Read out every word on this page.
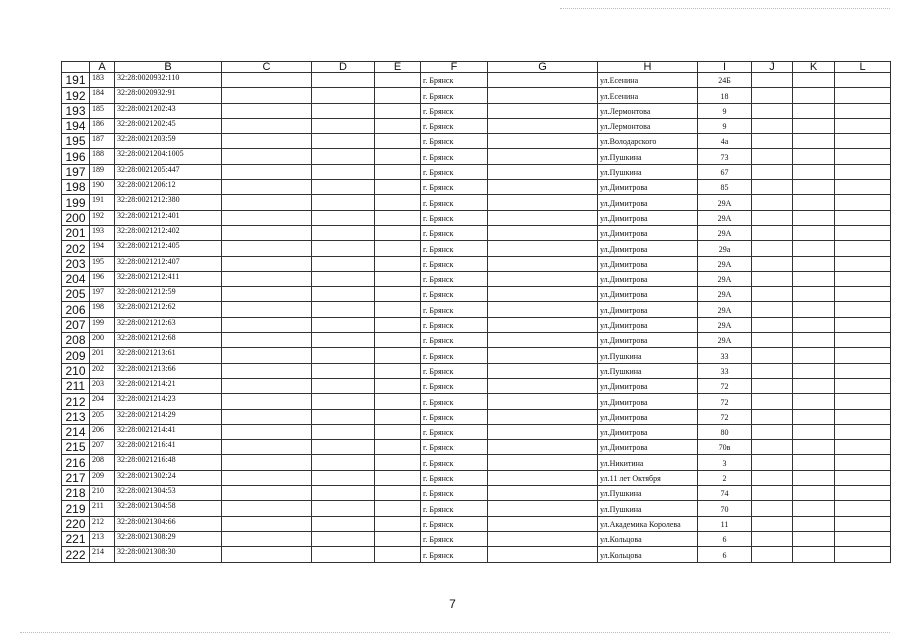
	A	B	C	D	E	F	G	H	I	J	K	L
191	183	32:28:0020932:110				г. Брянск		ул.Есенина	24Б			
192	184	32:28:0020932:91				г. Брянск		ул.Есенина	18			
193	185	32:28:0021202:43				г. Брянск		ул.Лермонтова	9			
194	186	32:28:0021202:45				г. Брянск		ул.Лермонтова	9			
195	187	32:28:0021203:59				г. Брянск		ул.Володарского	4а			
196	188	32:28:0021204:1005				г. Брянск		ул.Пушкина	73			
197	189	32:28:0021205:447				г. Брянск		ул.Пушкина	67			
198	190	32:28:0021206:12				г. Брянск		ул.Димитрова	85			
199	191	32:28:0021212:380				г. Брянск		ул.Димитрова	29А			
200	192	32:28:0021212:401				г. Брянск		ул.Димитрова	29А			
201	193	32:28:0021212:402				г. Брянск		ул.Димитрова	29А			
202	194	32:28:0021212:405				г. Брянск		ул.Димитрова	29а			
203	195	32:28:0021212:407				г. Брянск		ул.Димитрова	29А			
204	196	32:28:0021212:411				г. Брянск		ул.Димитрова	29А			
205	197	32:28:0021212:59				г. Брянск		ул.Димитрова	29А			
206	198	32:28:0021212:62				г. Брянск		ул.Димитрова	29А			
207	199	32:28:0021212:63				г. Брянск		ул.Димитрова	29А			
208	200	32:28:0021212:68				г. Брянск		ул.Димитрова	29А			
209	201	32:28:0021213:61				г. Брянск		ул.Пушкина	33			
210	202	32:28:0021213:66				г. Брянск		ул.Пушкина	33			
211	203	32:28:0021214:21				г. Брянск		ул.Димитрова	72			
212	204	32:28:0021214:23				г. Брянск		ул.Димитрова	72			
213	205	32:28:0021214:29				г. Брянск		ул.Димитрова	72			
214	206	32:28:0021214:41				г. Брянск		ул.Димитрова	80			
215	207	32:28:0021216:41				г. Брянск		ул.Димитрова	70в			
216	208	32:28:0021216:48				г. Брянск		ул.Никитина	3			
217	209	32:28:0021302:24				г. Брянск		ул.11 лет Октября	2			
218	210	32:28:0021304:53				г. Брянск		ул.Пушкина	74			
219	211	32:28:0021304:58				г. Брянск		ул.Пушкина	70			
220	212	32:28:0021304:66				г. Брянск		ул.Академика Королева	11			
221	213	32:28:0021308:29				г. Брянск		ул.Кольцова	6			
222	214	32:28:0021308:30				г. Брянск		ул.Кольцова	6			
7
